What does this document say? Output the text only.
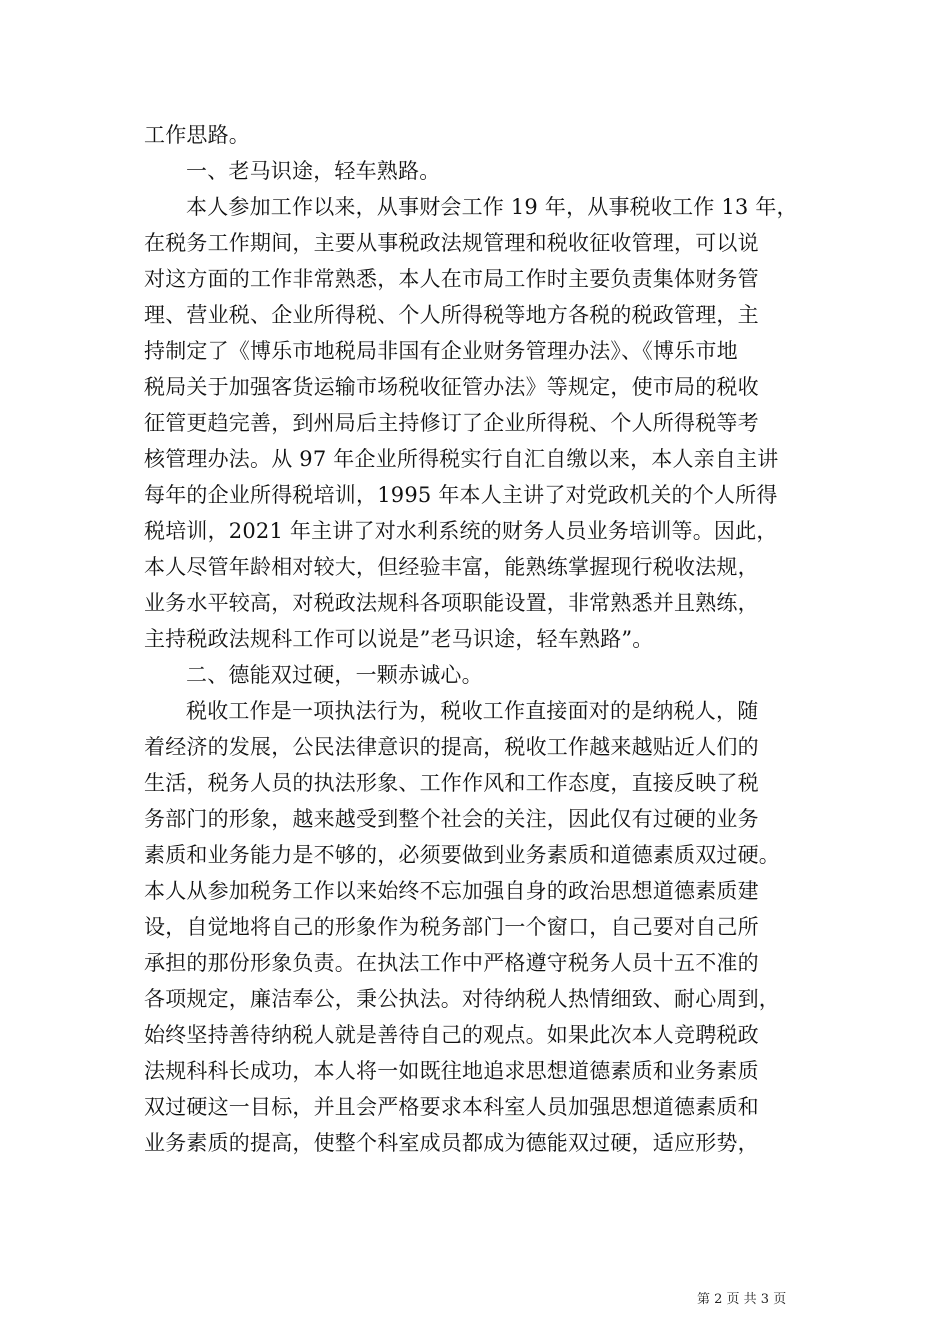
工作思路。
一、老马识途，轻车熟路。
本人参加工作以来，从事财会工作 19 年，从事税收工作 13 年，
在税务工作期间，主要从事税政法规管理和税收征收管理，可以说
对这方面的工作非常熟悉，本人在市局工作时主要负责集体财务管
理、营业税、企业所得税、个人所得税等地方各税的税政管理，主
持制定了《博乐市地税局非国有企业财务管理办法》、《博乐市地
税局关于加强客货运输市场税收征管办法》等规定，使市局的税收
征管更趋完善，到州局后主持修订了企业所得税、个人所得税等考
核管理办法。从 97 年企业所得税实行自汇自缴以来，本人亲自主讲
每年的企业所得税培训，1995 年本人主讲了对党政机关的个人所得
税培训，2021 年主讲了对水利系统的财务人员业务培训等。因此，
本人尽管年龄相对较大，但经验丰富，能熟练掌握现行税收法规，
业务水平较高，对税政法规科各项职能设置，非常熟悉并且熟练，
主持税政法规科工作可以说是”老马识途，轻车熟路”。
二、德能双过硬，一颗赤诚心。
税收工作是一项执法行为，税收工作直接面对的是纳税人，随
着经济的发展，公民法律意识的提高，税收工作越来越贴近人们的
生活，税务人员的执法形象、工作作风和工作态度，直接反映了税
务部门的形象，越来越受到整个社会的关注，因此仅有过硬的业务
素质和业务能力是不够的，必须要做到业务素质和道德素质双过硬。
本人从参加税务工作以来始终不忘加强自身的政治思想道德素质建
设，自觉地将自己的形象作为税务部门一个窗口，自己要对自己所
承担的那份形象负责。在执法工作中严格遵守税务人员十五不准的
各项规定，廉洁奉公，秉公执法。对待纳税人热情细致、耐心周到，
始终坚持善待纳税人就是善待自己的观点。如果此次本人竞聘税政
法规科科长成功，本人将一如既往地追求思想道德素质和业务素质
双过硬这一目标，并且会严格要求本科室人员加强思想道德素质和
业务素质的提高，使整个科室成员都成为德能双过硬，适应形势，
第 2 页 共 3 页
